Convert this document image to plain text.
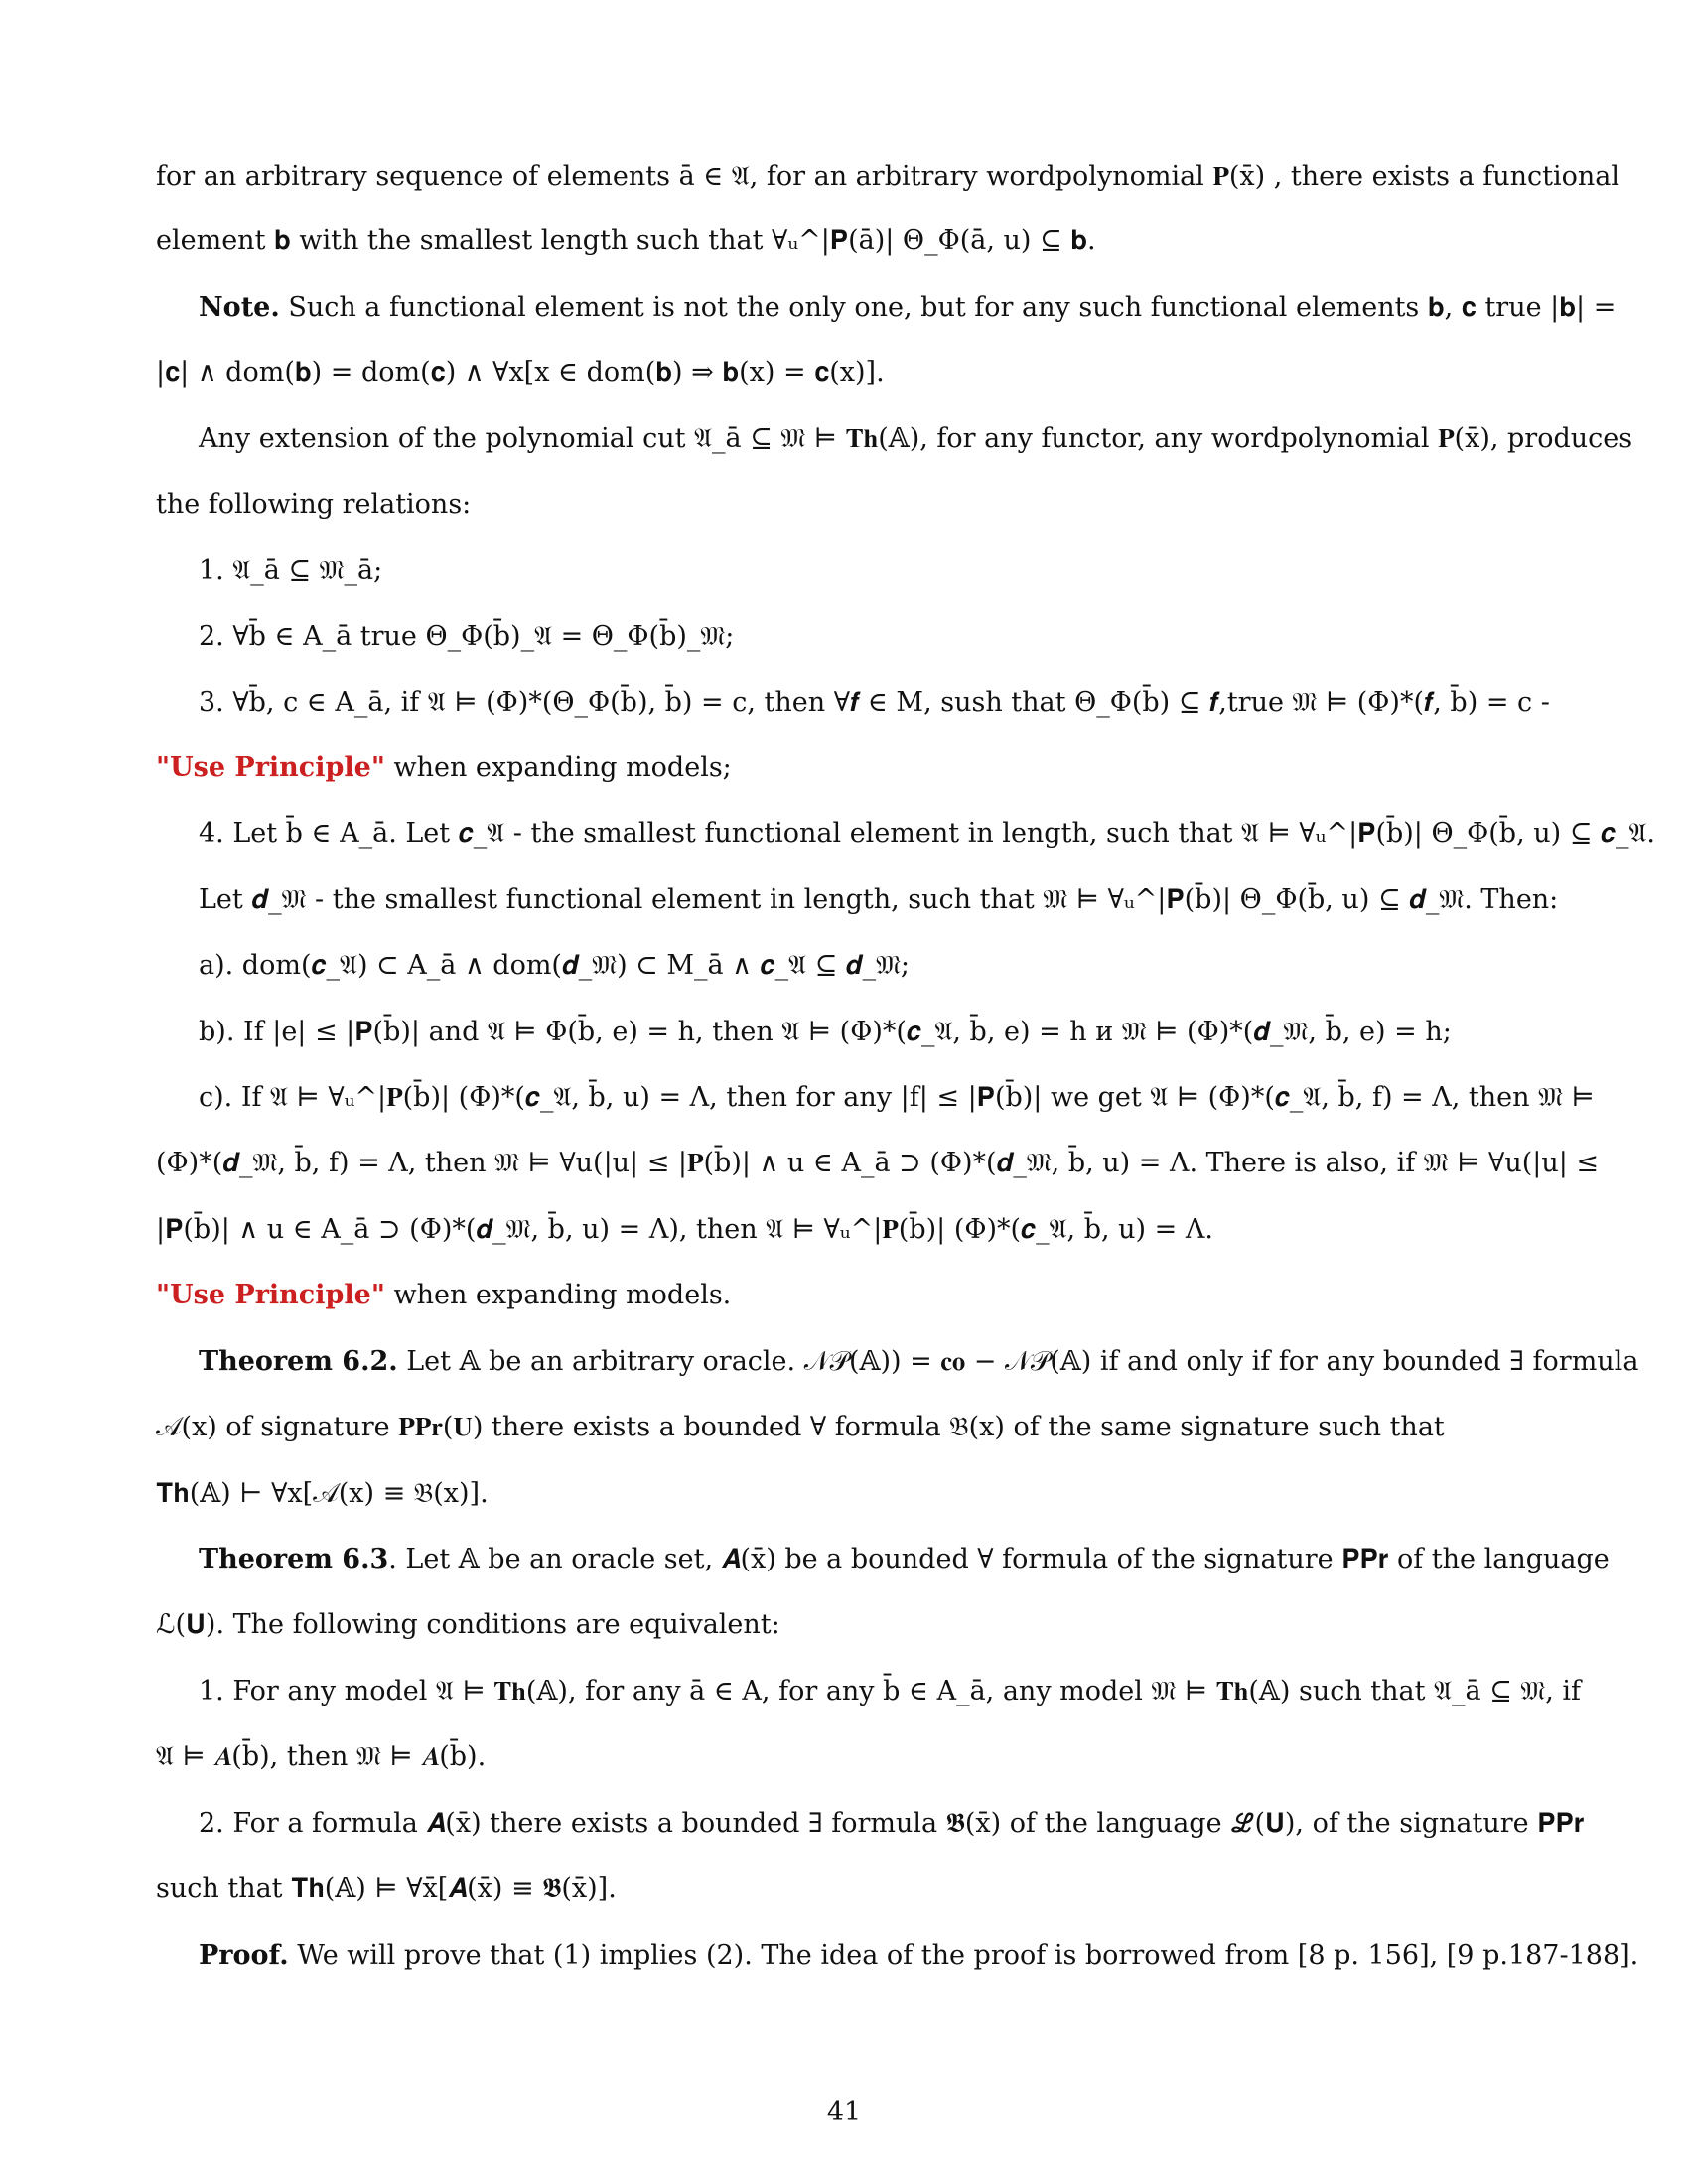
for an arbitrary sequence of elements ā ∈ 𝔄, for an arbitrary wordpolynomial 𝐏(x̄) , there exists a functional
element 𝐛 with the smallest length such that ∀ᵤ^|𝐏(ā)| Θ_Φ(ā, u) ⊆ 𝐛.
Note. Such a functional element is not the only one, but for any such functional elements 𝐛, 𝐜 true |𝐛| =
|𝐜| ∧ dom(𝐛) = dom(𝐜) ∧ ∀x[x ∈ dom(𝐛) ⇒ 𝐛(x) = 𝐜(x)].
Any extension of the polynomial cut 𝔄_ā ⊆ 𝔐 ⊨ 𝐓𝐡(𝔸), for any functor, any wordpolynomial 𝐏(x̄), produces
the following relations:
1. 𝔄_ā ⊆ 𝔐_ā;
2. ∀b̄ ∈ A_ā true Θ_Φ(b̄)_𝔄 = Θ_Φ(b̄)_𝔐;
3. ∀b̄, c ∈ A_ā, if 𝔄 ⊨ (Φ)*(Θ_Φ(b̄), b̄) = c, then ∀𝒇 ∈ M, sush that Θ_Φ(b̄) ⊆ 𝒇,true 𝔐 ⊨ (Φ)*(𝒇, b̄) = c -
"Use Principle" when expanding models;
4. Let b̄ ∈ A_ā. Let 𝒄_𝔄 - the smallest functional element in length, such that 𝔄 ⊨ ∀ᵤ^|𝐏(b̄)| Θ_Φ(b̄, u) ⊆ 𝒄_𝔄.
Let 𝒅_𝔐 - the smallest functional element in length, such that 𝔐 ⊨ ∀ᵤ^|𝐏(b̄)| Θ_Φ(b̄, u) ⊆ 𝒅_𝔐. Then:
a). dom(𝒄_𝔄) ⊂ A_ā ∧ dom(𝒅_𝔐) ⊂ M_ā ∧ 𝒄_𝔄 ⊆ 𝒅_𝔐;
b). If |e| ≤ |𝐏(b̄)| and 𝔄 ⊨ Φ(b̄, e) = h, then 𝔄 ⊨ (Φ)*(𝒄_𝔄, b̄, e) = h и 𝔐 ⊨ (Φ)*(𝒅_𝔐, b̄, e) = h;
c). If 𝔄 ⊨ ∀ᵤ^|𝐏(b̄)| (Φ)*(𝒄_𝔄, b̄, u) = Λ, then for any |f| ≤ |𝐏(b̄)| we get 𝔄 ⊨ (Φ)*(𝒄_𝔄, b̄, f) = Λ, then 𝔐 ⊨
(Φ)*(𝒅_𝔐, b̄, f) = Λ, then 𝔐 ⊨ ∀u(|u| ≤ |𝐏(b̄)| ∧ u ∈ A_ā ⊃ (Φ)*(𝒅_𝔐, b̄, u) = Λ. There is also, if 𝔐 ⊨ ∀u(|u| ≤
|𝐏(b̄)| ∧ u ∈ A_ā ⊃ (Φ)*(𝒅_𝔐, b̄, u) = Λ), then 𝔄 ⊨ ∀ᵤ^|𝐏(b̄)| (Φ)*(𝒄_𝔄, b̄, u) = Λ.
"Use Principle" when expanding models.
Theorem 6.2. Let 𝔸 be an arbitrary oracle. 𝒩𝒫(𝔸)) = 𝐜𝐨 − 𝒩𝒫(𝔸) if and only if for any bounded ∃ formula
𝒜(x) of signature 𝐏𝐏𝐫(𝐔) there exists a bounded ∀ formula 𝔅(x) of the same signature such that
𝐓𝐡(𝔸) ⊢ ∀x[𝒜(x) ≡ 𝔅(x)].
Theorem 6.3. Let 𝔸 be an oracle set, 𝑨(x̄) be a bounded ∀ formula of the signature 𝐏𝐏𝐫 of the language
ℒ(𝐔). The following conditions are equivalent:
1. For any model 𝔄 ⊨ 𝐓𝐡(𝔸), for any ā ∈ A, for any b̄ ∈ A_ā, any model 𝔐 ⊨ 𝐓𝐡(𝔸) such that 𝔄_ā ⊆ 𝔐, if
𝔄 ⊨ 𝑨(b̄), then 𝔐 ⊨ 𝑨(b̄).
2. For a formula 𝑨(x̄) there exists a bounded ∃ formula 𝕭(x̄) of the language ℒ(𝐔), of the signature 𝐏𝐏𝐫
such that 𝐓𝐡(𝔸) ⊨ ∀x̄[𝑨(x̄) ≡ 𝕭(x̄)].
Proof. We will prove that (1) implies (2). The idea of the proof is borrowed from [8 p. 156], [9 p.187-188].
41
